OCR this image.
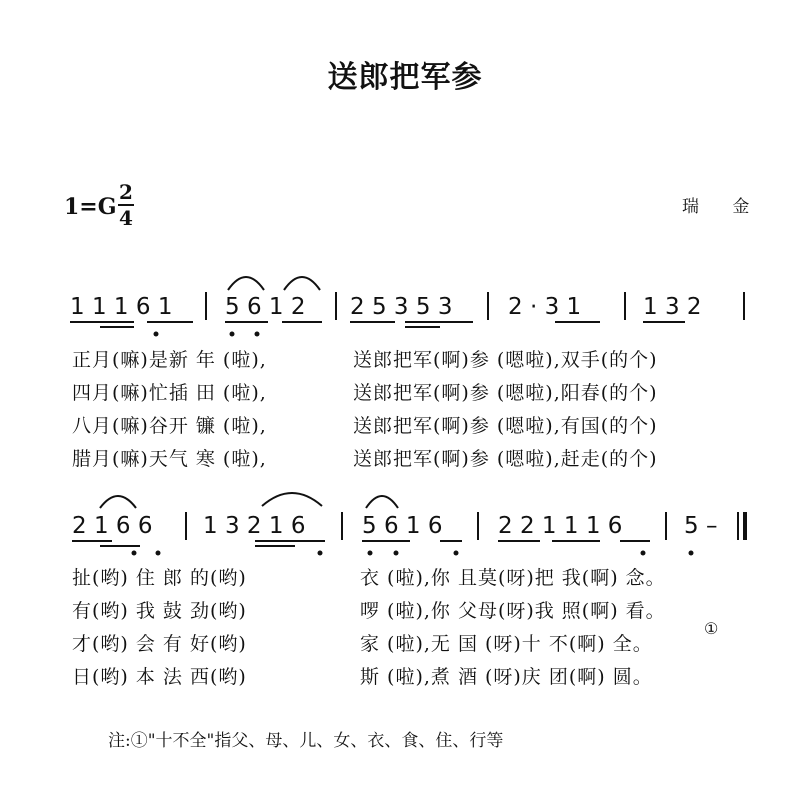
送郎把军参
1=G
2
4	瑞 金
1 1 1 6 1 5 6 1 2 2 5 3 5 3 2 · 3 1	1 3 2
正月(嘛)是新 年 (啦),
四月(嘛)忙插 田 (啦),
八月(嘛)谷开 镰 (啦),
腊月(嘛)天气 寒 (啦),
送郎把军(啊)参 (嗯啦),双手(的个)
送郎把军(啊)参 (嗯啦),阳春(的个)
送郎把军(啊)参 (嗯啦),有国(的个)
送郎把军(啊)参 (嗯啦),赶走(的个)
2 1 6 6 1 3 2 1 6 5 6 1 6 2 2 1 1 1 6	5 –
扯(哟) 住 郎 的(哟)
有(哟) 我 鼓 劲(哟)
才(哟) 会 有 好(哟)
日(哟) 本 法 西(哟)
衣 (啦),你 且莫(呀)把 我(啊) 念。
啰 (啦),你 父母(呀)我 照(啊) 看。
家 (啦),无 国 (呀)十 不(啊) 全。
斯 (啦),煮 酒 (呀)庆 团(啊) 圆。
①
注:①"十不全"指父、母、儿、女、衣、食、住、行等
